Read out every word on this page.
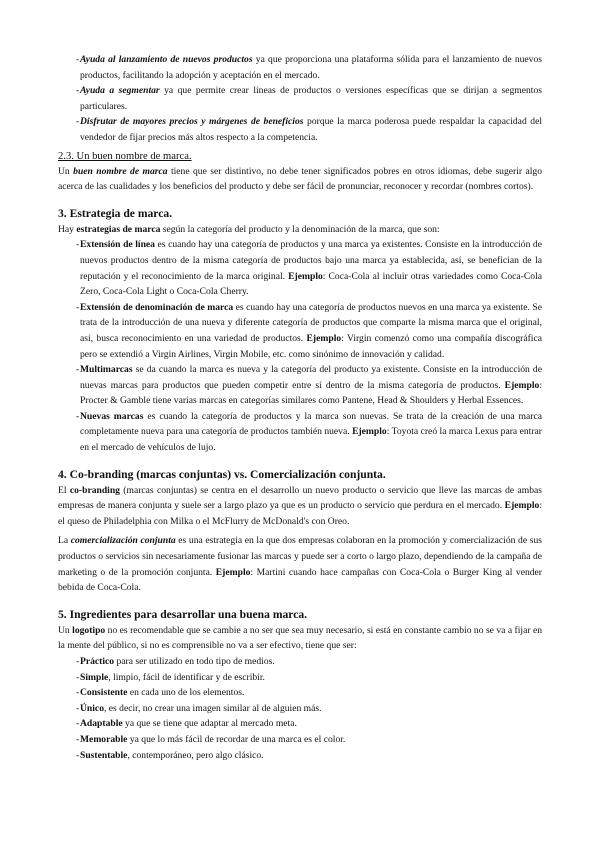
- Ayuda al lanzamiento de nuevos productos ya que proporciona una plataforma sólida para el lanzamiento de nuevos productos, facilitando la adopción y aceptación en el mercado.
- Ayuda a segmentar ya que permite crear líneas de productos o versiones específicas que se dirijan a segmentos particulares.
- Disfrutar de mayores precios y márgenes de beneficios porque la marca poderosa puede respaldar la capacidad del vendedor de fijar precios más altos respecto a la competencia.
2.3. Un buen nombre de marca.

Un buen nombre de marca tiene que ser distintivo, no debe tener significados pobres en otros idiomas, debe sugerir algo acerca de las cualidades y los beneficios del producto y debe ser fácil de pronunciar, reconocer y recordar (nombres cortos).

3. Estrategia de marca.

Hay estrategias de marca según la categoría del producto y la denominación de la marca, que son:

- Extensión de línea es cuando hay una categoría de productos y una marca ya existentes. Consiste en la introducción de nuevos productos dentro de la misma categoría de productos bajo una marca ya establecida, así, se benefician de la reputación y el reconocimiento de la marca original. Ejemplo: Coca-Cola al incluir otras variedades como Coca-Cola Zero, Coca-Cola Light o Coca-Cola Cherry.
- Extensión de denominación de marca es cuando hay una categoría de productos nuevos en una marca ya existente. Se trata de la introducción de una nueva y diferente categoría de productos que comparte la misma marca que el original, así, busca reconocimiento en una variedad de productos. Ejemplo: Virgin comenzó como una compañía discográfica pero se extendió a Virgin Airlines, Virgin Mobile, etc. como sinónimo de innovación y calidad.
- Multimarcas se da cuando la marca es nueva y la categoría del producto ya existente. Consiste en la introducción de nuevas marcas para productos que pueden competir entre sí dentro de la misma categoría de productos. Ejemplo: Procter & Gamble tiene varias marcas en categorías similares como Pantene, Head & Shoulders y Herbal Essences.
- Nuevas marcas es cuando la categoría de productos y la marca son nuevas. Se trata de la creación de una marca completamente nueva para una categoría de productos también nueva. Ejemplo: Toyota creó la marca Lexus para entrar en el mercado de vehículos de lujo.
4. Co-branding (marcas conjuntas) vs. Comercialización conjunta.

El co-branding (marcas conjuntas) se centra en el desarrollo un nuevo producto o servicio que lleve las marcas de ambas empresas de manera conjunta y suele ser a largo plazo ya que es un producto o servicio que perdura en el mercado. Ejemplo: el queso de Philadelphia con Milka o el McFlurry de McDonald's con Oreo.

La comercialización conjunta es una estrategia en la que dos empresas colaboran en la promoción y comercialización de sus productos o servicios sin necesariamente fusionar las marcas y puede ser a corto o largo plazo, dependiendo de la campaña de marketing o de la promoción conjunta. Ejemplo: Martini cuando hace campañas con Coca-Cola o Burger King al vender bebida de Coca-Cola.

5. Ingredientes para desarrollar una buena marca.

Un logotipo no es recomendable que se cambie a no ser que sea muy necesario, si está en constante cambio no se va a fijar en la mente del público, si no es comprensible no va a ser efectivo, tiene que ser:

- Práctico para ser utilizado en todo tipo de medios.
- Simple, limpio, fácil de identificar y de escribir.
- Consistente en cada uno de los elementos.
- Único, es decir, no crear una imagen similar al de alguien más.
- Adaptable ya que se tiene que adaptar al mercado meta.
- Memorable ya que lo más fácil de recordar de una marca es el color.
- Sustentable, contemporáneo, pero algo clásico.
